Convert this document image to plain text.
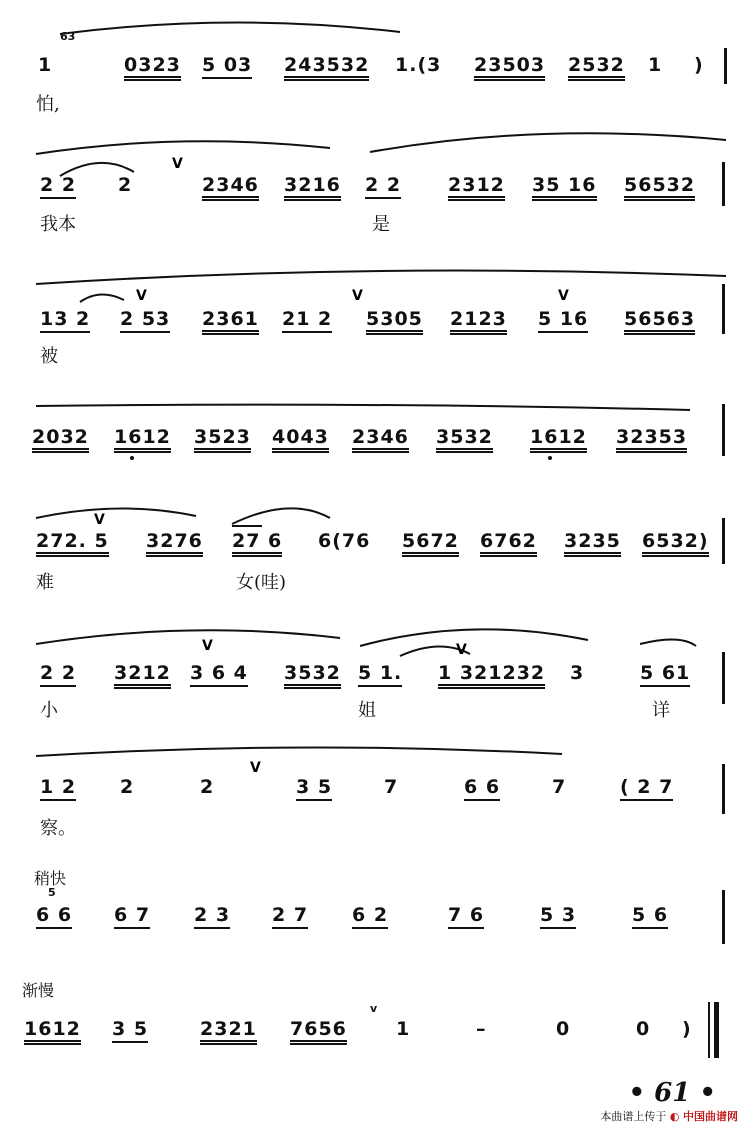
63
1	0323 5 03 243532 1.(3 23503 2532 1 )
怕,
V
2 2 2	2346 3216 2 2 2312 35 16 56532
我本	是
V	V	V
13 2 2 53 2361 21 2 5305 2123 5 16 56563
被
2032 1612 3523 4043 2346 3532 1612 32353
V
272. 5 3276 27 6 6(76 5672 6762 3235 6532)
难	女(哇)
V	V
2 2 3212 3 6 4 3532 5 1. 1 321232 3	5 61
小	姐	详
V
1 2 2	2	3 5	7	6 6	7	( 2 7
察。
稍快
5
6 6 6 7 2 3 2 7 6 2	7 6	5 3	5 6
渐慢
1612 3 5	2321 7656
v
1	–	0	0 )
• 61 •
本曲谱上传于 ◐ 中国曲谱网
